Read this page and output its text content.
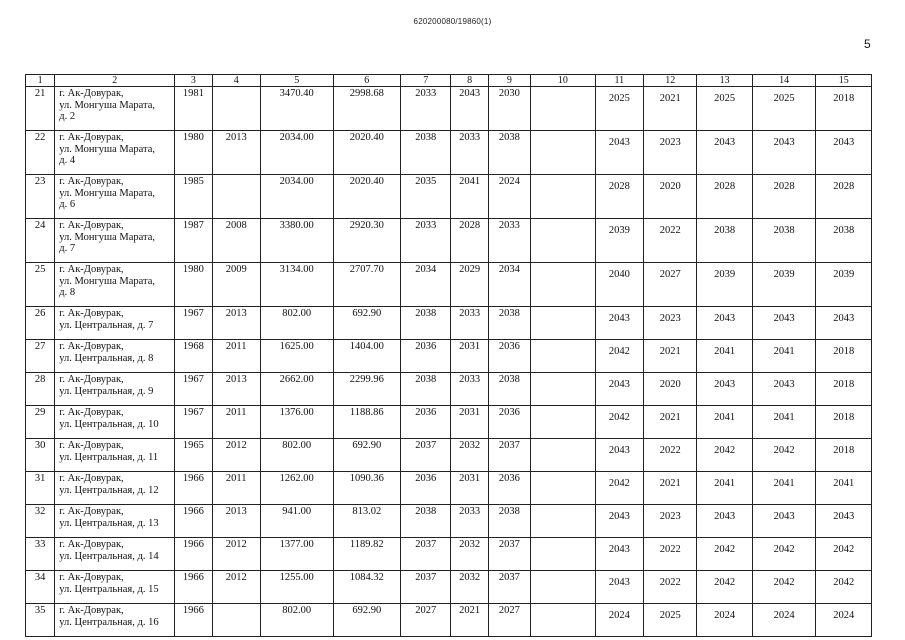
620200080/19860(1)
5
1	2	3	4	5	6	7	8	9	10	11	12	13	14	15
21	г. Ак-Довурак,
ул. Монгуша Марата,
д. 2	1981		3470.40	2998.68	2033	2043	2030		2025	2021	2025	2025	2018
22	г. Ак-Довурак,
ул. Монгуша Марата,
д. 4	1980	2013	2034.00	2020.40	2038	2033	2038		2043	2023	2043	2043	2043
23	г. Ак-Довурак,
ул. Монгуша Марата,
д. 6	1985		2034.00	2020.40	2035	2041	2024		2028	2020	2028	2028	2028
24	г. Ак-Довурак,
ул. Монгуша Марата,
д. 7	1987	2008	3380.00	2920.30	2033	2028	2033		2039	2022	2038	2038	2038
25	г. Ак-Довурак,
ул. Монгуша Марата,
д. 8	1980	2009	3134.00	2707.70	2034	2029	2034		2040	2027	2039	2039	2039
26	г. Ак-Довурак,
ул. Центральная, д. 7	1967	2013	802.00	692.90	2038	2033	2038		2043	2023	2043	2043	2043
27	г. Ак-Довурак,
ул. Центральная, д. 8	1968	2011	1625.00	1404.00	2036	2031	2036		2042	2021	2041	2041	2018
28	г. Ак-Довурак,
ул. Центральная, д. 9	1967	2013	2662.00	2299.96	2038	2033	2038		2043	2020	2043	2043	2018
29	г. Ак-Довурак,
ул. Центральная, д. 10	1967	2011	1376.00	1188.86	2036	2031	2036		2042	2021	2041	2041	2018
30	г. Ак-Довурак,
ул. Центральная, д. 11	1965	2012	802.00	692.90	2037	2032	2037		2043	2022	2042	2042	2018
31	г. Ак-Довурак,
ул. Центральная, д. 12	1966	2011	1262.00	1090.36	2036	2031	2036		2042	2021	2041	2041	2041
32	г. Ак-Довурак,
ул. Центральная, д. 13	1966	2013	941.00	813.02	2038	2033	2038		2043	2023	2043	2043	2043
33	г. Ак-Довурак,
ул. Центральная, д. 14	1966	2012	1377.00	1189.82	2037	2032	2037		2043	2022	2042	2042	2042
34	г. Ак-Довурак,
ул. Центральная, д. 15	1966	2012	1255.00	1084.32	2037	2032	2037		2043	2022	2042	2042	2042
35	г. Ак-Довурак,
ул. Центральная, д. 16	1966		802.00	692.90	2027	2021	2027		2024	2025	2024	2024	2024
